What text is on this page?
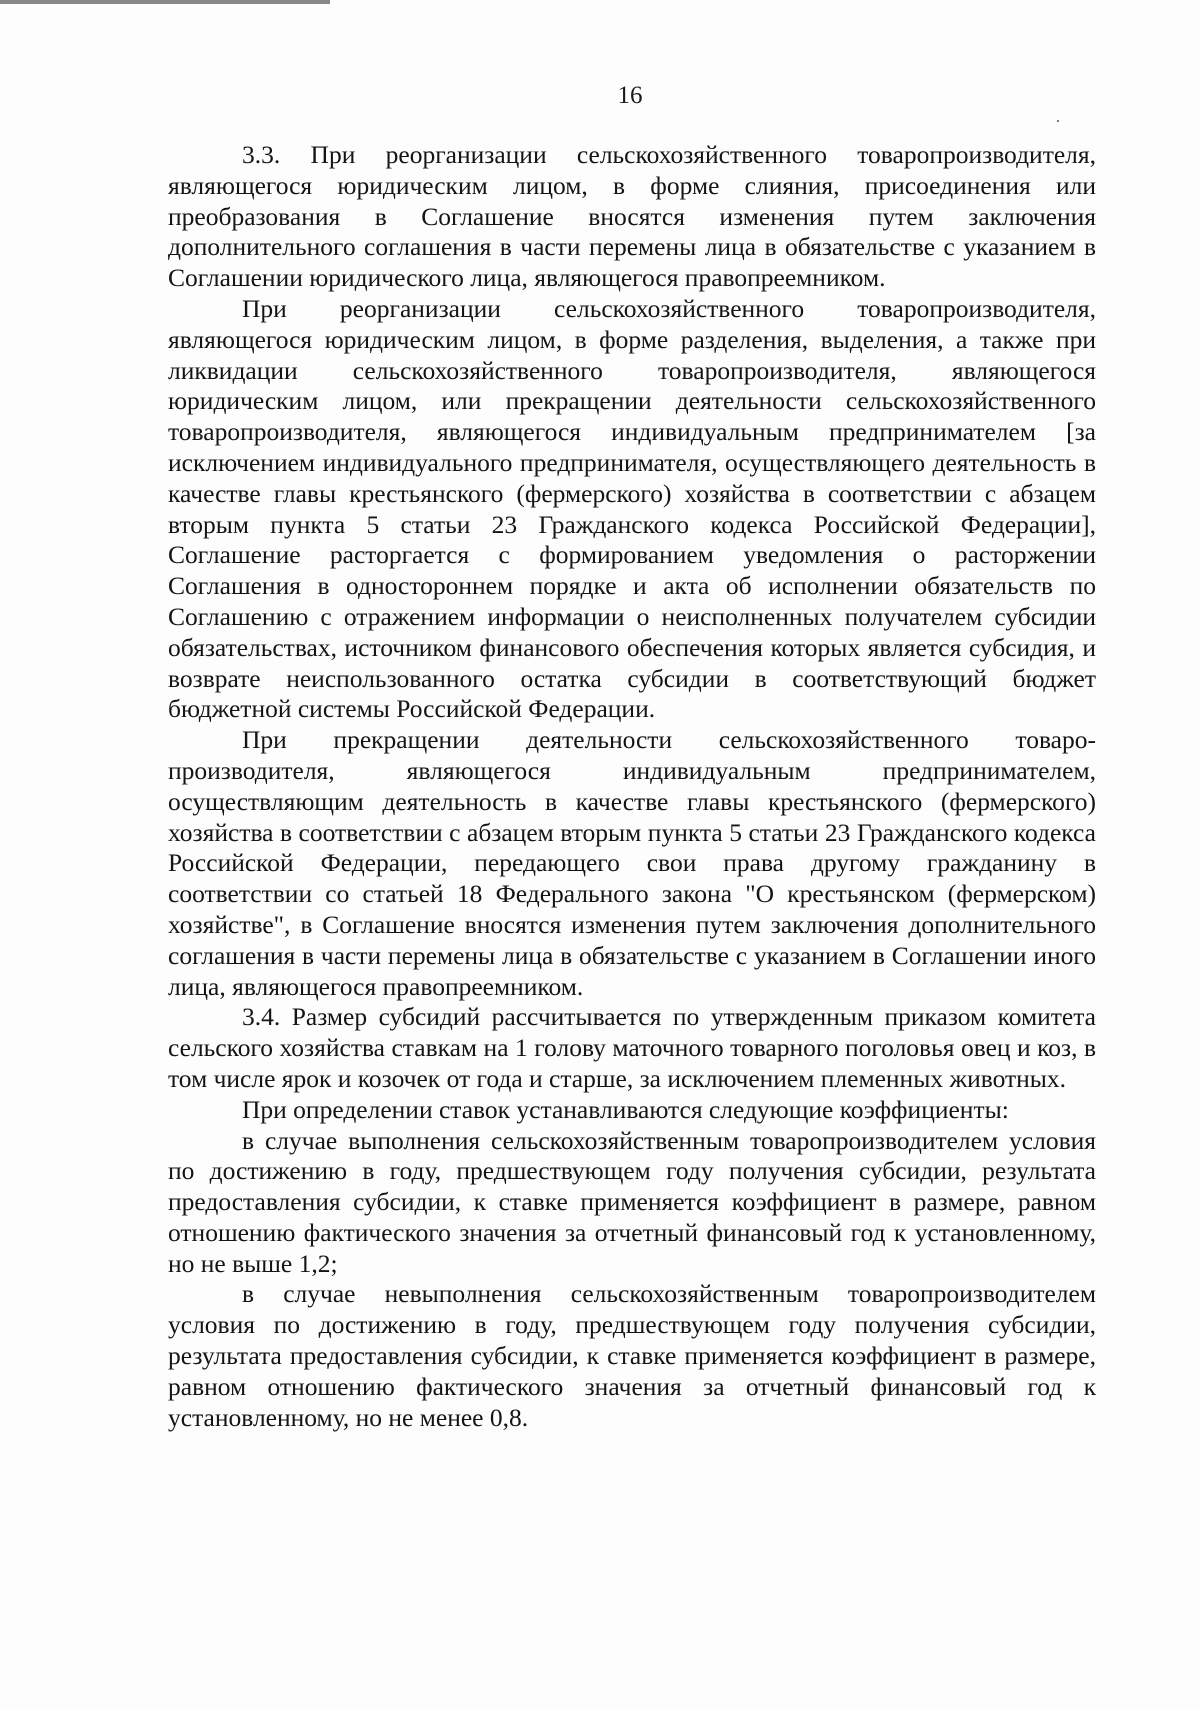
16

3.3. При реорганизации сельскохозяйственного товаропроизводителя, являющегося юридическим лицом, в форме слияния, присоединения или преобразования в Соглашение вносятся изменения путем заключения дополнительного соглашения в части перемены лица в обязательстве с указанием в Соглашении юридического лица, являющегося правопреемником.

При реорганизации сельскохозяйственного товаропроизводителя, являющегося юридическим лицом, в форме разделения, выделения, а также при ликвидации сельскохозяйственного товаропроизводителя, являющегося юридическим лицом, или прекращении деятельности сельскохозяйственного товаропроизводителя, являющегося индивидуальным предпринимателем [за исключением индивидуального предпринимателя, осуществляющего деятельность в качестве главы крестьянского (фермерского) хозяйства в соответствии с абзацем вторым пункта 5 статьи 23 Гражданского кодекса Российской Федерации], Соглашение расторгается с формированием уведомления о расторжении Соглашения в одностороннем порядке и акта об исполнении обязательств по Соглашению с отражением информации о неисполненных получателем субсидии обязательствах, источником финансового обеспечения которых является субсидия, и возврате неиспользованного остатка субсидии в соответствующий бюджет бюджетной системы Российской Федерации.

При прекращении деятельности сельскохозяйственного товаро-производителя, являющегося индивидуальным предпринимателем, осуществляющим деятельность в качестве главы крестьянского (фермерского) хозяйства в соответствии с абзацем вторым пункта 5 статьи 23 Гражданского кодекса Российской Федерации, передающего свои права другому гражданину в соответствии со статьей 18 Федерального закона "О крестьянском (фермерском) хозяйстве", в Соглашение вносятся изменения путем заключения дополнительного соглашения в части перемены лица в обязательстве с указанием в Соглашении иного лица, являющегося правопреемником.

3.4. Размер субсидий рассчитывается по утвержденным приказом комитета сельского хозяйства ставкам на 1 голову маточного товарного поголовья овец и коз, в том числе ярок и козочек от года и старше, за исключением племенных животных.

При определении ставок устанавливаются следующие коэффициенты:

в случае выполнения сельскохозяйственным товаропроизводителем условия по достижению в году, предшествующем году получения субсидии, результата предоставления субсидии, к ставке применяется коэффициент в размере, равном отношению фактического значения за отчетный финансовый год к установленному, но не выше 1,2;

в случае невыполнения сельскохозяйственным товаропроизводителем условия по достижению в году, предшествующем году получения субсидии, результата предоставления субсидии, к ставке применяется коэффициент в размере, равном отношению фактического значения за отчетный финансовый год к установленному, но не менее 0,8.
